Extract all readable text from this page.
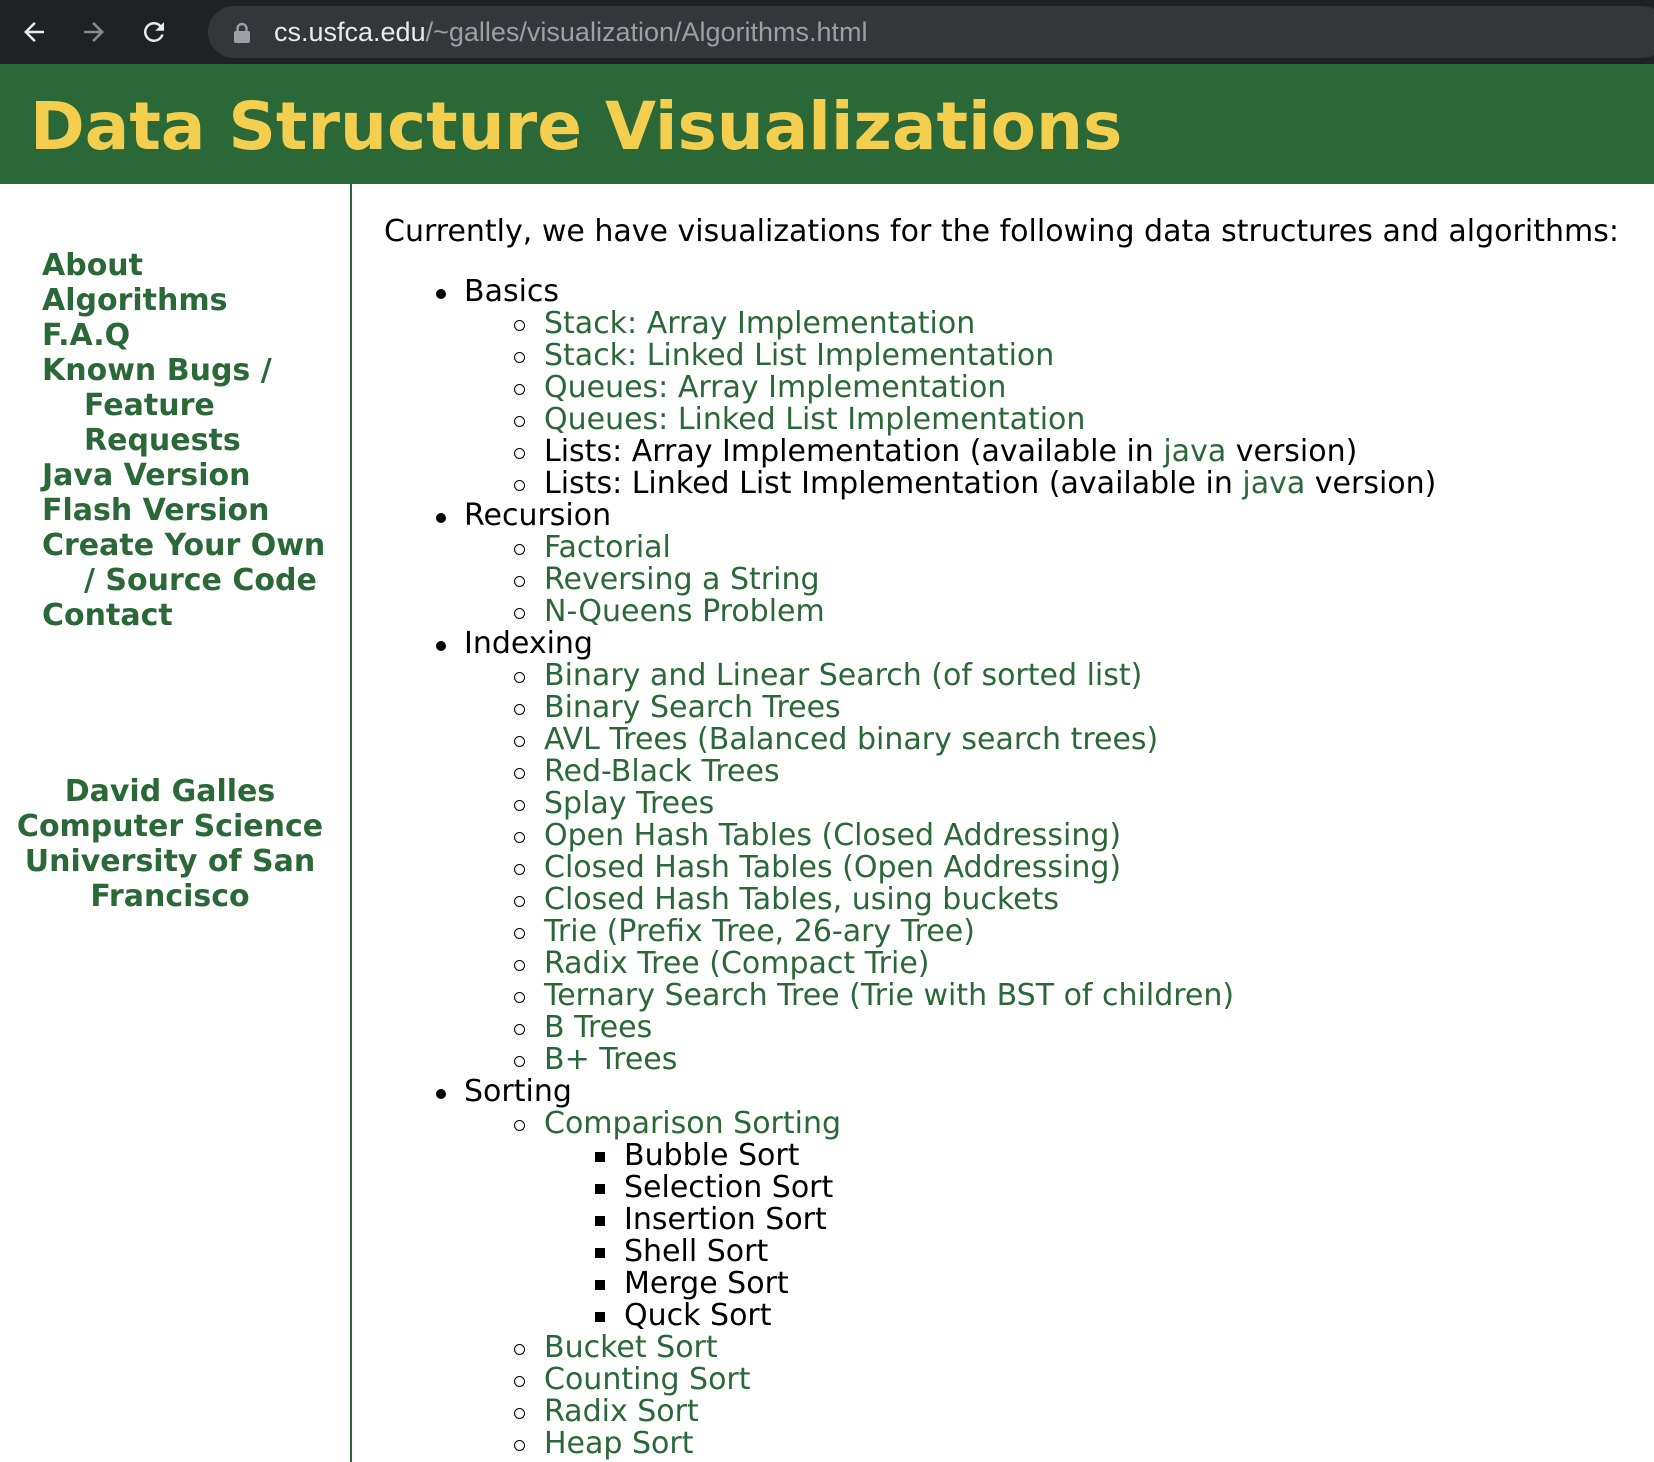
cs.usfca.edu/~galles/visualization/Algorithms.html
Data Structure Visualizations
About
Algorithms
F.A.Q
Known Bugs / Feature Requests
Java Version
Flash Version
Create Your Own / Source Code
Contact
David Galles
Computer Science
University of San Francisco

Currently, we have visualizations for the following data structures and algorithms:

Basics
Stack: Array Implementation
Stack: Linked List Implementation
Queues: Array Implementation
Queues: Linked List Implementation
Lists: Array Implementation (available in java version)
Lists: Linked List Implementation (available in java version)
Recursion
Factorial
Reversing a String
N-Queens Problem
Indexing
Binary and Linear Search (of sorted list)
Binary Search Trees
AVL Trees (Balanced binary search trees)
Red-Black Trees
Splay Trees
Open Hash Tables (Closed Addressing)
Closed Hash Tables (Open Addressing)
Closed Hash Tables, using buckets
Trie (Prefix Tree, 26-ary Tree)
Radix Tree (Compact Trie)
Ternary Search Tree (Trie with BST of children)
B Trees
B+ Trees
Sorting
Comparison Sorting
Bubble Sort
Selection Sort
Insertion Sort
Shell Sort
Merge Sort
Quck Sort
Bucket Sort
Counting Sort
Radix Sort
Heap Sort
